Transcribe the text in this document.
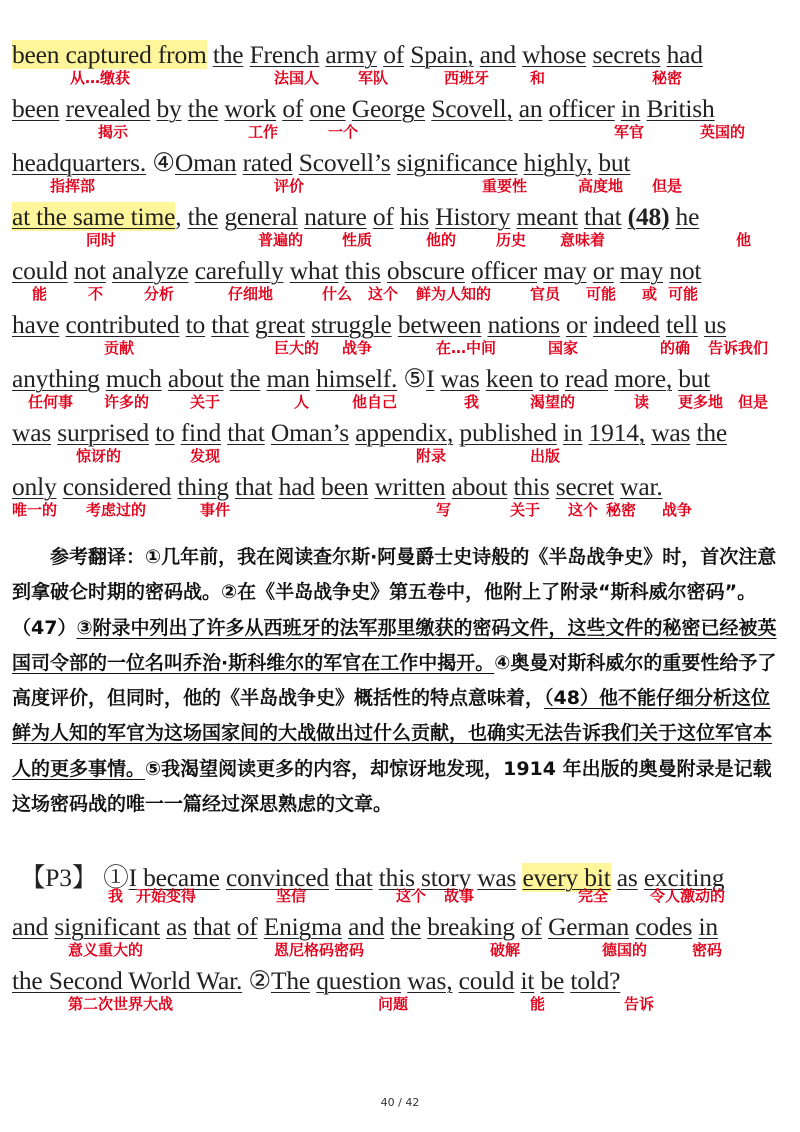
been captured from the French army of Spain, and whose secrets had
从…缴获	法国人	军队	西班牙	和	秘密
been revealed by the work of one George Scovell, an officer in British
揭示	工作	一个	军官	英国的
headquarters. ④Oman rated Scovell’s significance highly, but
指挥部	评价	重要性	高度地 但是
at the same time, the general nature of his History meant that (48) he
同时	普遍的	性质	他的	历史 意味着	他
could not analyze carefully what this obscure officer may or may not
能	不	分析	仔细地	什么 这个 鲜为人知的	官员 可能 或 可能
have contributed to that great struggle between nations or indeed tell us
贡献	巨大的 战争	在…中间	国家	的确 告诉我们
anything much about the man himself. ⑤I was keen to read more, but
任何事 许多的	关于	人	他自己	我	渴望的	读 更多地 但是
was surprised to find that Oman’s appendix, published in 1914, was the
惊讶的	发现	附录	出版
only considered thing that had been written about this secret war.
唯一的 考虑过的	事件	写	关于 这个 秘密 战争

参考翻译：①几年前，我在阅读查尔斯·阿曼爵士史诗般的《半岛战争史》时，首次注意到拿破仑时期的密码战。②在《半岛战争史》第五卷中，他附上了附录“斯科威尔密码”。（47）③附录中列出了许多从西班牙的法军那里缴获的密码文件，这些文件的秘密已经被英国司令部的一位名叫乔治·斯科维尔的军官在工作中揭开。④奥曼对斯科威尔的重要性给予了高度评价，但同时，他的《半岛战争史》概括性的特点意味着，（48）他不能仔细分析这位鲜为人知的军官为这场国家间的大战做出过什么贡献，也确实无法告诉我们关于这位军官本人的更多事情。⑤我渴望阅读更多的内容，却惊讶地发现，1914 年出版的奥曼附录是记载这场密码战的唯一一篇经过深思熟虑的文章。

【P3】 ①I became convinced that this story was every bit as exciting
我 开始变得	坚信	这个 故事	完全	令人激动的
and significant as that of Enigma and the breaking of German codes in
意义重大的	恩尼格码密码	破解	德国的	密码
the Second World War. ②The question was, could it be told?
第二次世界大战	问题	能	告诉
40 / 42
